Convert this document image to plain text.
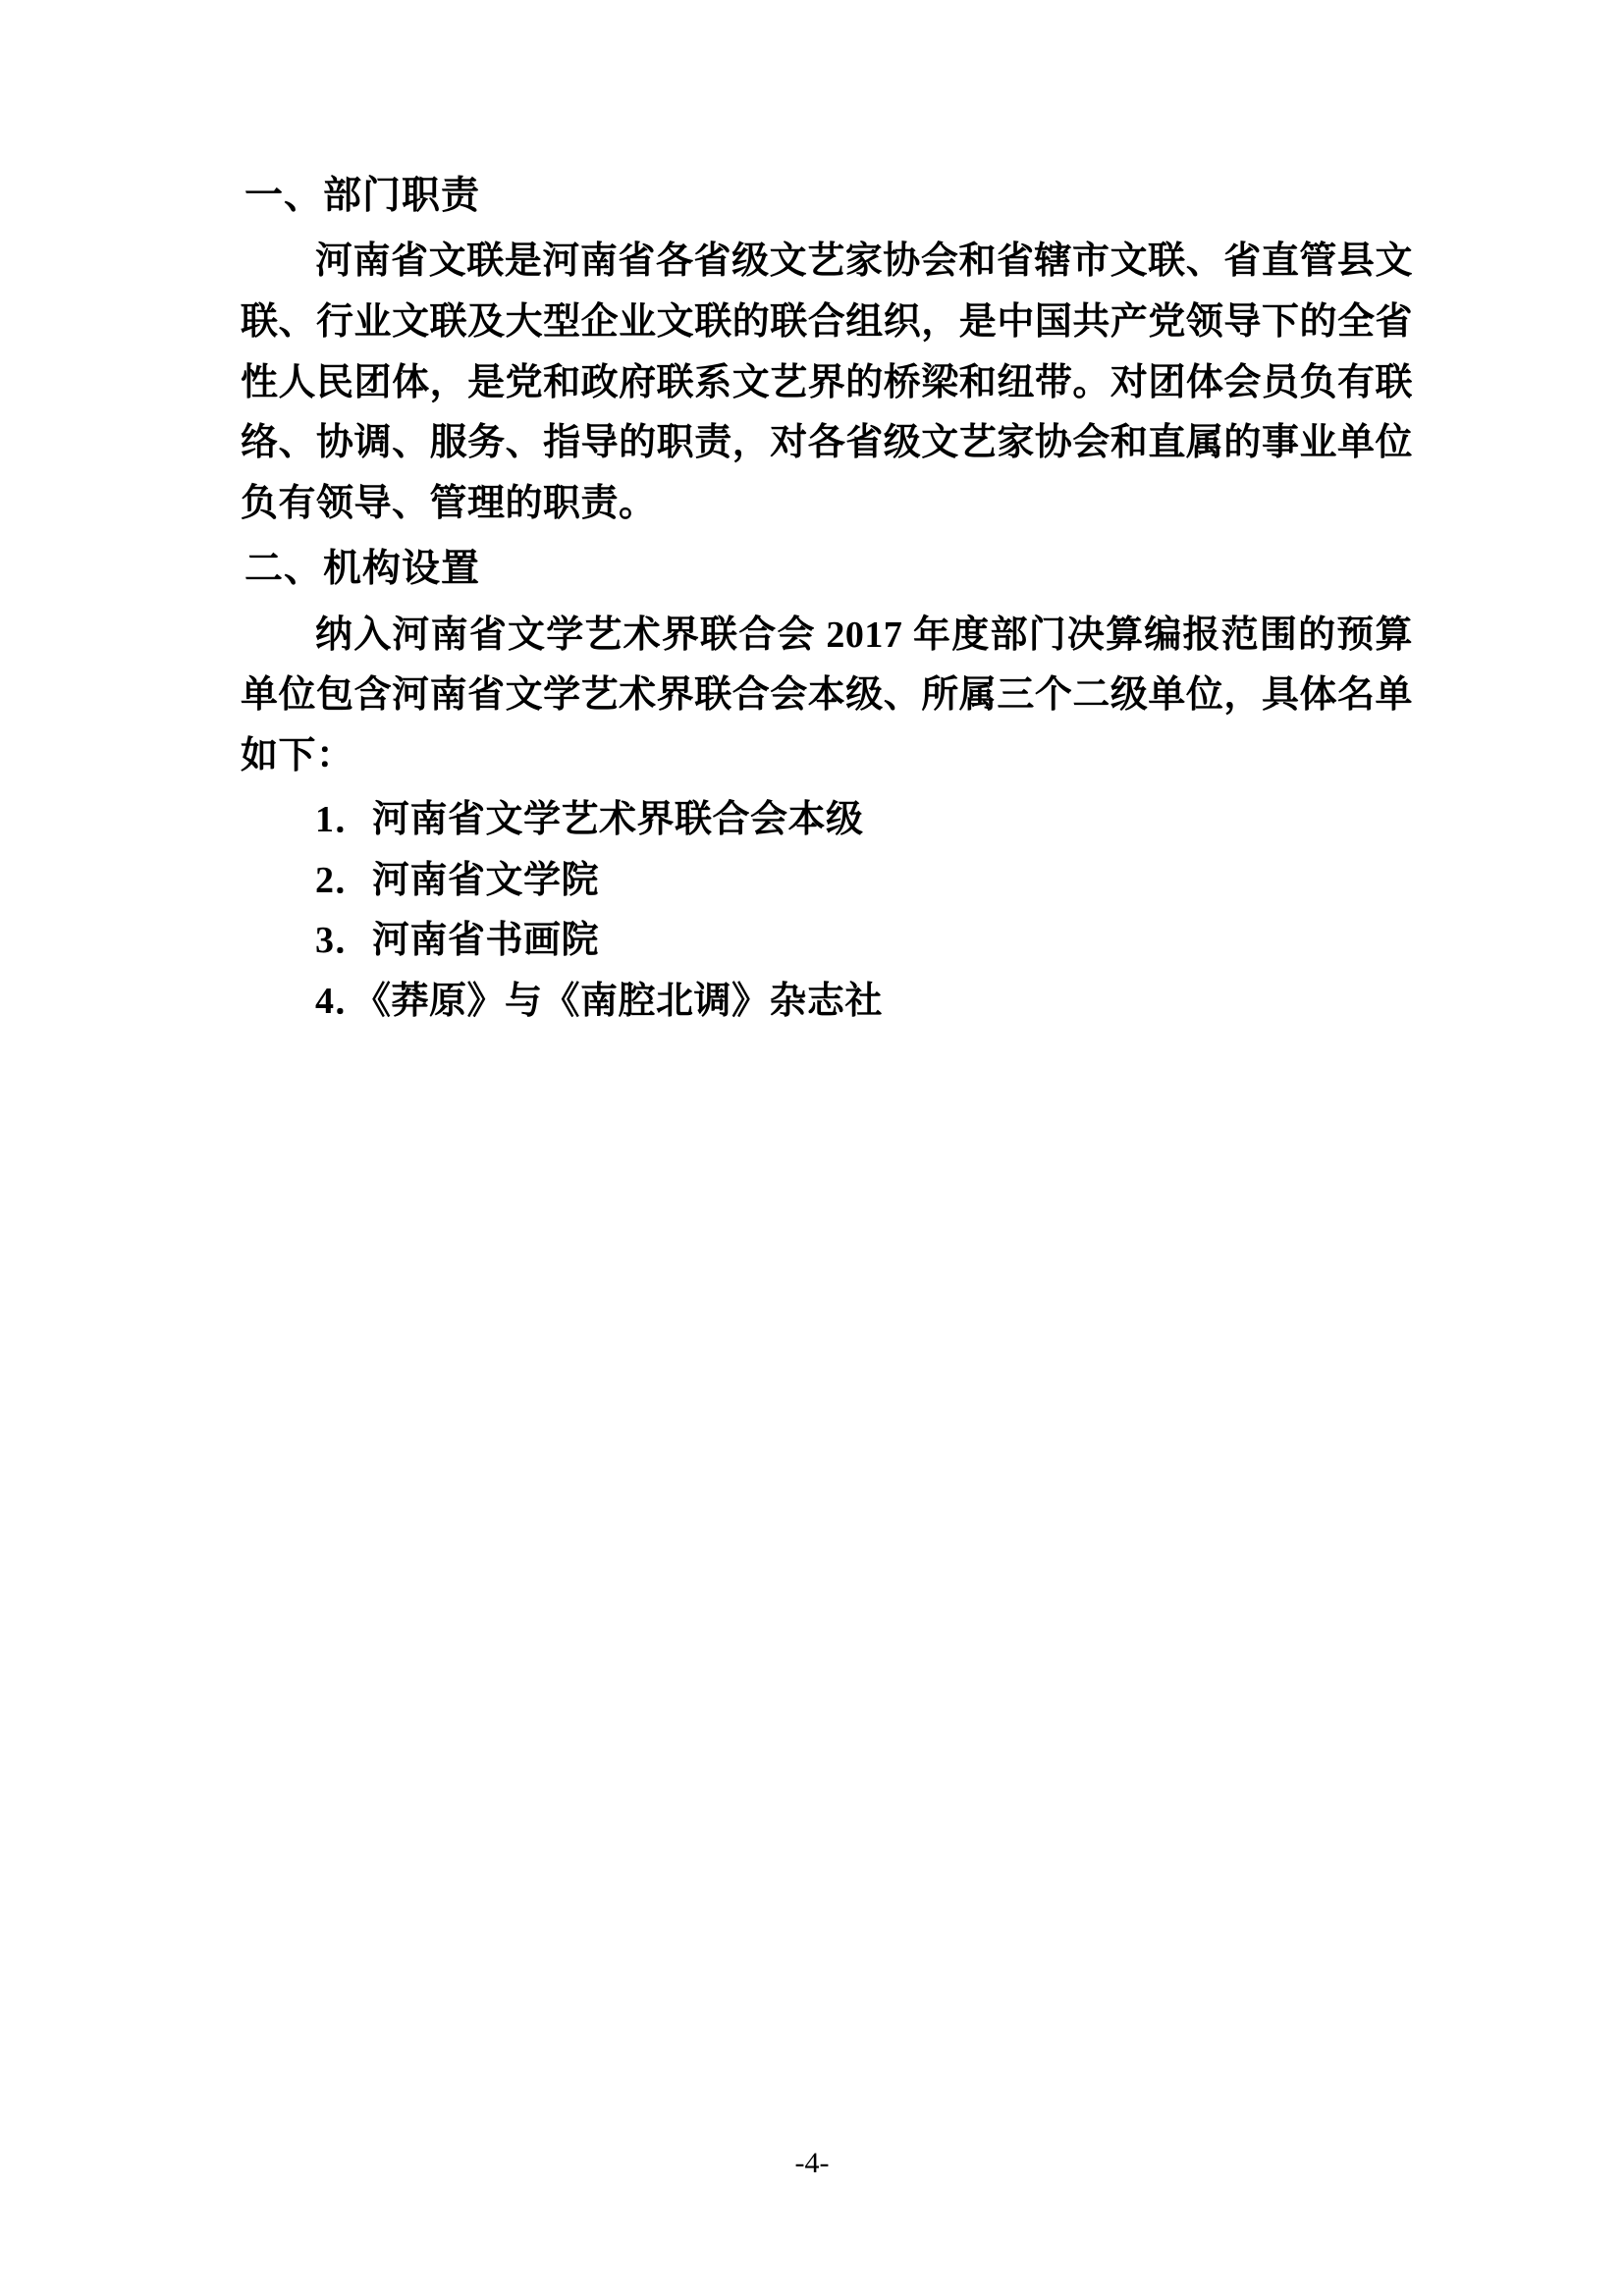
一、部门职责

河南省文联是河南省各省级文艺家协会和省辖市文联、省直管县文联、行业文联及大型企业文联的联合组织，是中国共产党领导下的全省性人民团体，是党和政府联系文艺界的桥梁和纽带。对团体会员负有联络、协调、服务、指导的职责，对各省级文艺家协会和直属的事业单位负有领导、管理的职责。

二、机构设置

纳入河南省文学艺术界联合会 2017 年度部门决算编报范围的预算单位包含河南省文学艺术界联合会本级、所属三个二级单位，具体名单如下：

1．河南省文学艺术界联合会本级
2．河南省文学院
3．河南省书画院
4．《莽原》与《南腔北调》杂志社
-4-
